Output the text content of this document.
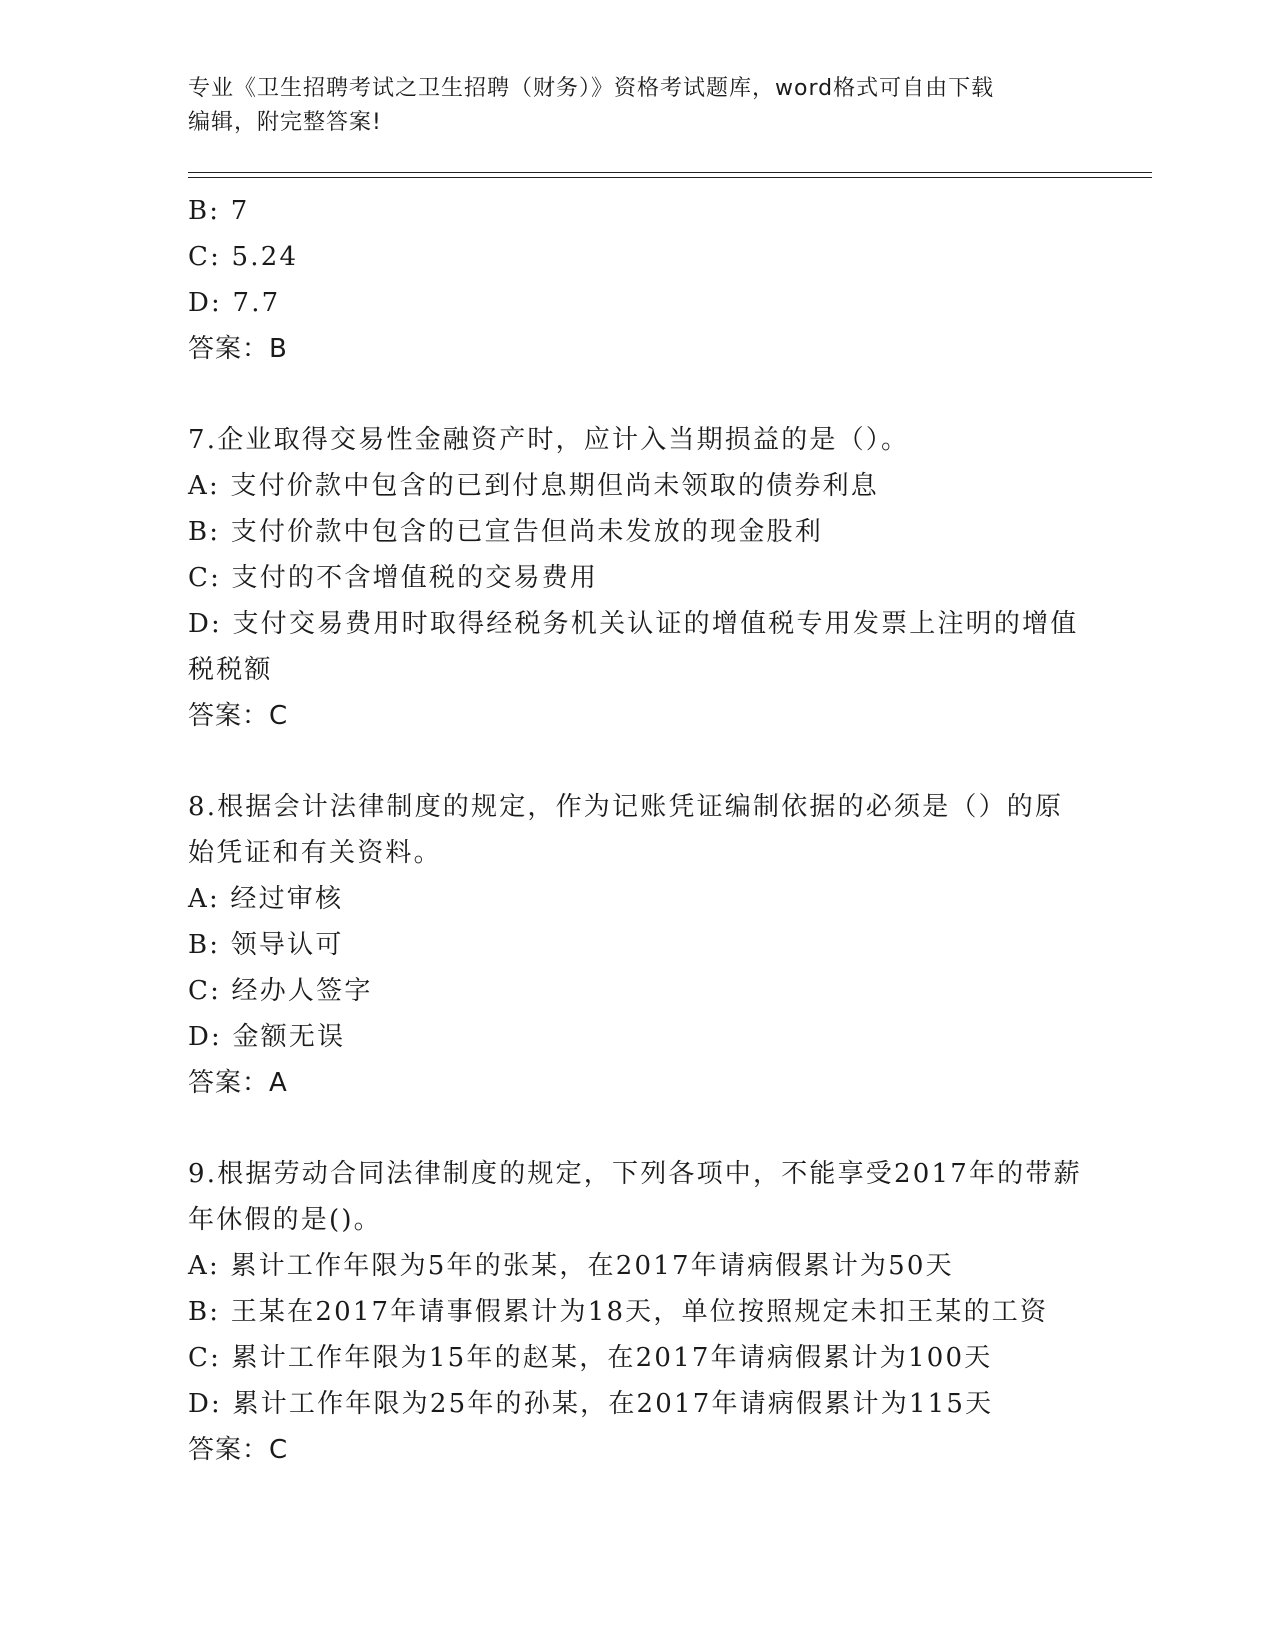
专业《卫生招聘考试之卫生招聘（财务）》资格考试题库，word格式可自由下载
编辑，附完整答案!
B: 7
C: 5.24
D: 7.7
答案：B
7.企业取得交易性金融资产时，应计入当期损益的是（）。
A: 支付价款中包含的已到付息期但尚未领取的债券利息
B: 支付价款中包含的已宣告但尚未发放的现金股利
C: 支付的不含增值税的交易费用
D: 支付交易费用时取得经税务机关认证的增值税专用发票上注明的增值税税额
答案：C
8.根据会计法律制度的规定，作为记账凭证编制依据的必须是（）的原始凭证和有关资料。
A: 经过审核
B: 领导认可
C: 经办人签字
D: 金额无误
答案：A
9.根据劳动合同法律制度的规定，下列各项中，不能享受2017年的带薪年休假的是()。
A: 累计工作年限为5年的张某，在2017年请病假累计为50天
B: 王某在2017年请事假累计为18天，单位按照规定未扣王某的工资
C: 累计工作年限为15年的赵某，在2017年请病假累计为100天
D: 累计工作年限为25年的孙某，在2017年请病假累计为115天
答案：C
